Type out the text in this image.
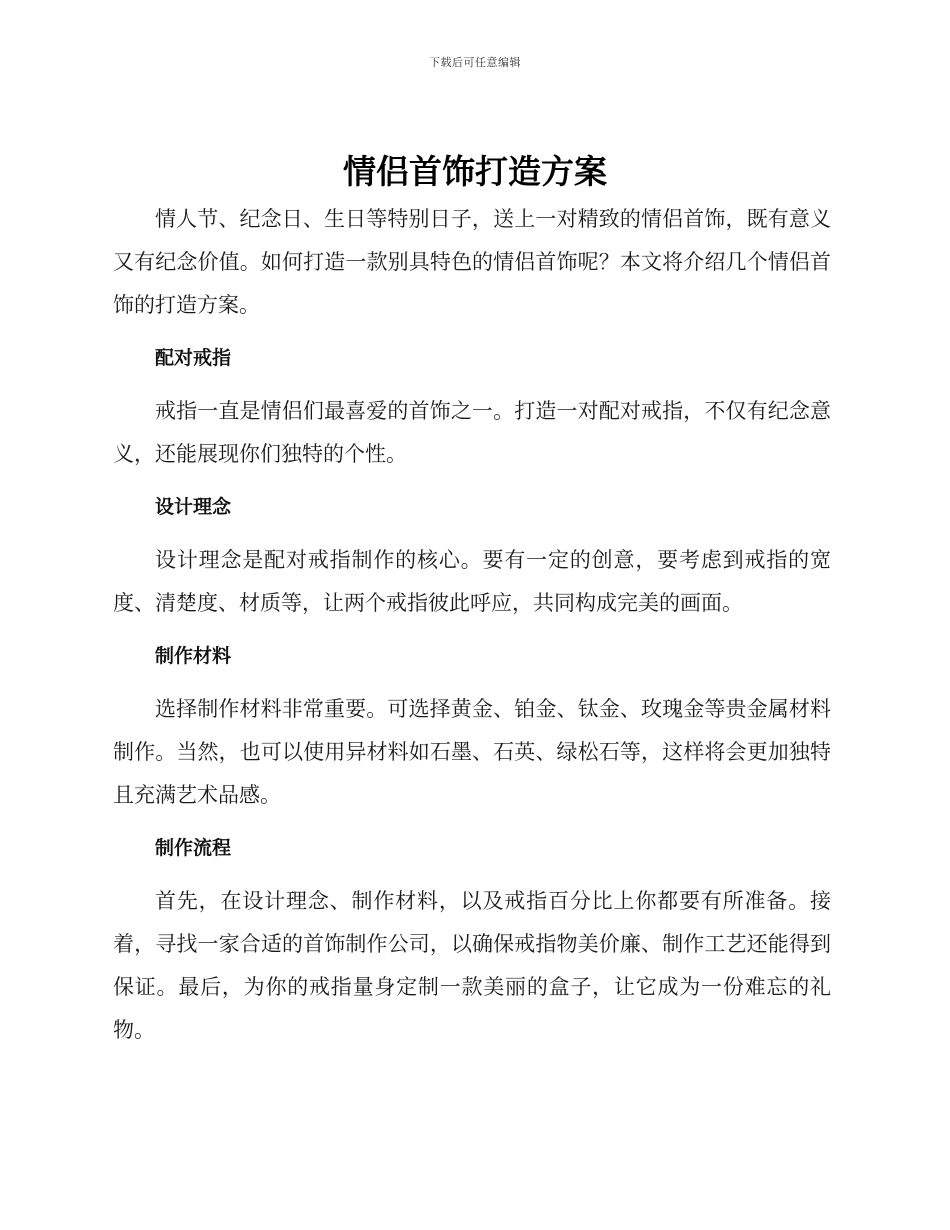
下载后可任意编辑
情侣首饰打造方案

情人节、纪念日、生日等特别日子，送上一对精致的情侣首饰，既有意义又有纪念价值。如何打造一款别具特色的情侣首饰呢？本文将介绍几个情侣首饰的打造方案。

配对戒指

戒指一直是情侣们最喜爱的首饰之一。打造一对配对戒指，不仅有纪念意义，还能展现你们独特的个性。

设计理念

设计理念是配对戒指制作的核心。要有一定的创意，要考虑到戒指的宽度、清楚度、材质等，让两个戒指彼此呼应，共同构成完美的画面。

制作材料

选择制作材料非常重要。可选择黄金、铂金、钛金、玫瑰金等贵金属材料制作。当然，也可以使用异材料如石墨、石英、绿松石等，这样将会更加独特且充满艺术品感。

制作流程

首先，在设计理念、制作材料，以及戒指百分比上你都要有所准备。接着，寻找一家合适的首饰制作公司，以确保戒指物美价廉、制作工艺还能得到保证。最后，为你的戒指量身定制一款美丽的盒子，让它成为一份难忘的礼物。
